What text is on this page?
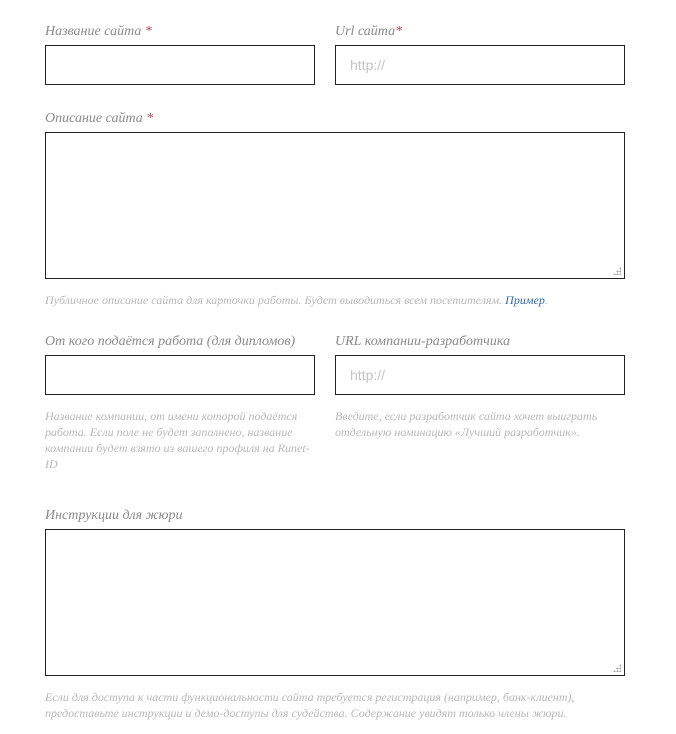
Название сайта *	Url сайта*
http://
Описание сайта *
Публичное описание сайта для карточки работы. Будет выводиться всем посетителям. Пример.
От кого подаётся работа (для дипломов)
Название компании, от имени которой подаётся работа. Если поле не будет заполнено, название компании будет взято из вашего профиля на Runet-ID
URL компании-разработчика
http://
Введите, если разработчик сайта хочет выиграть отдельную номинацию «Лучший разработчик».
Инструкции для жюри
Если для доступа к части функциональности сайта требуется регистрация (например, банк-клиент), предоставьте инструкции и демо-доступы для судейства. Содержание увидят только члены жюри.
